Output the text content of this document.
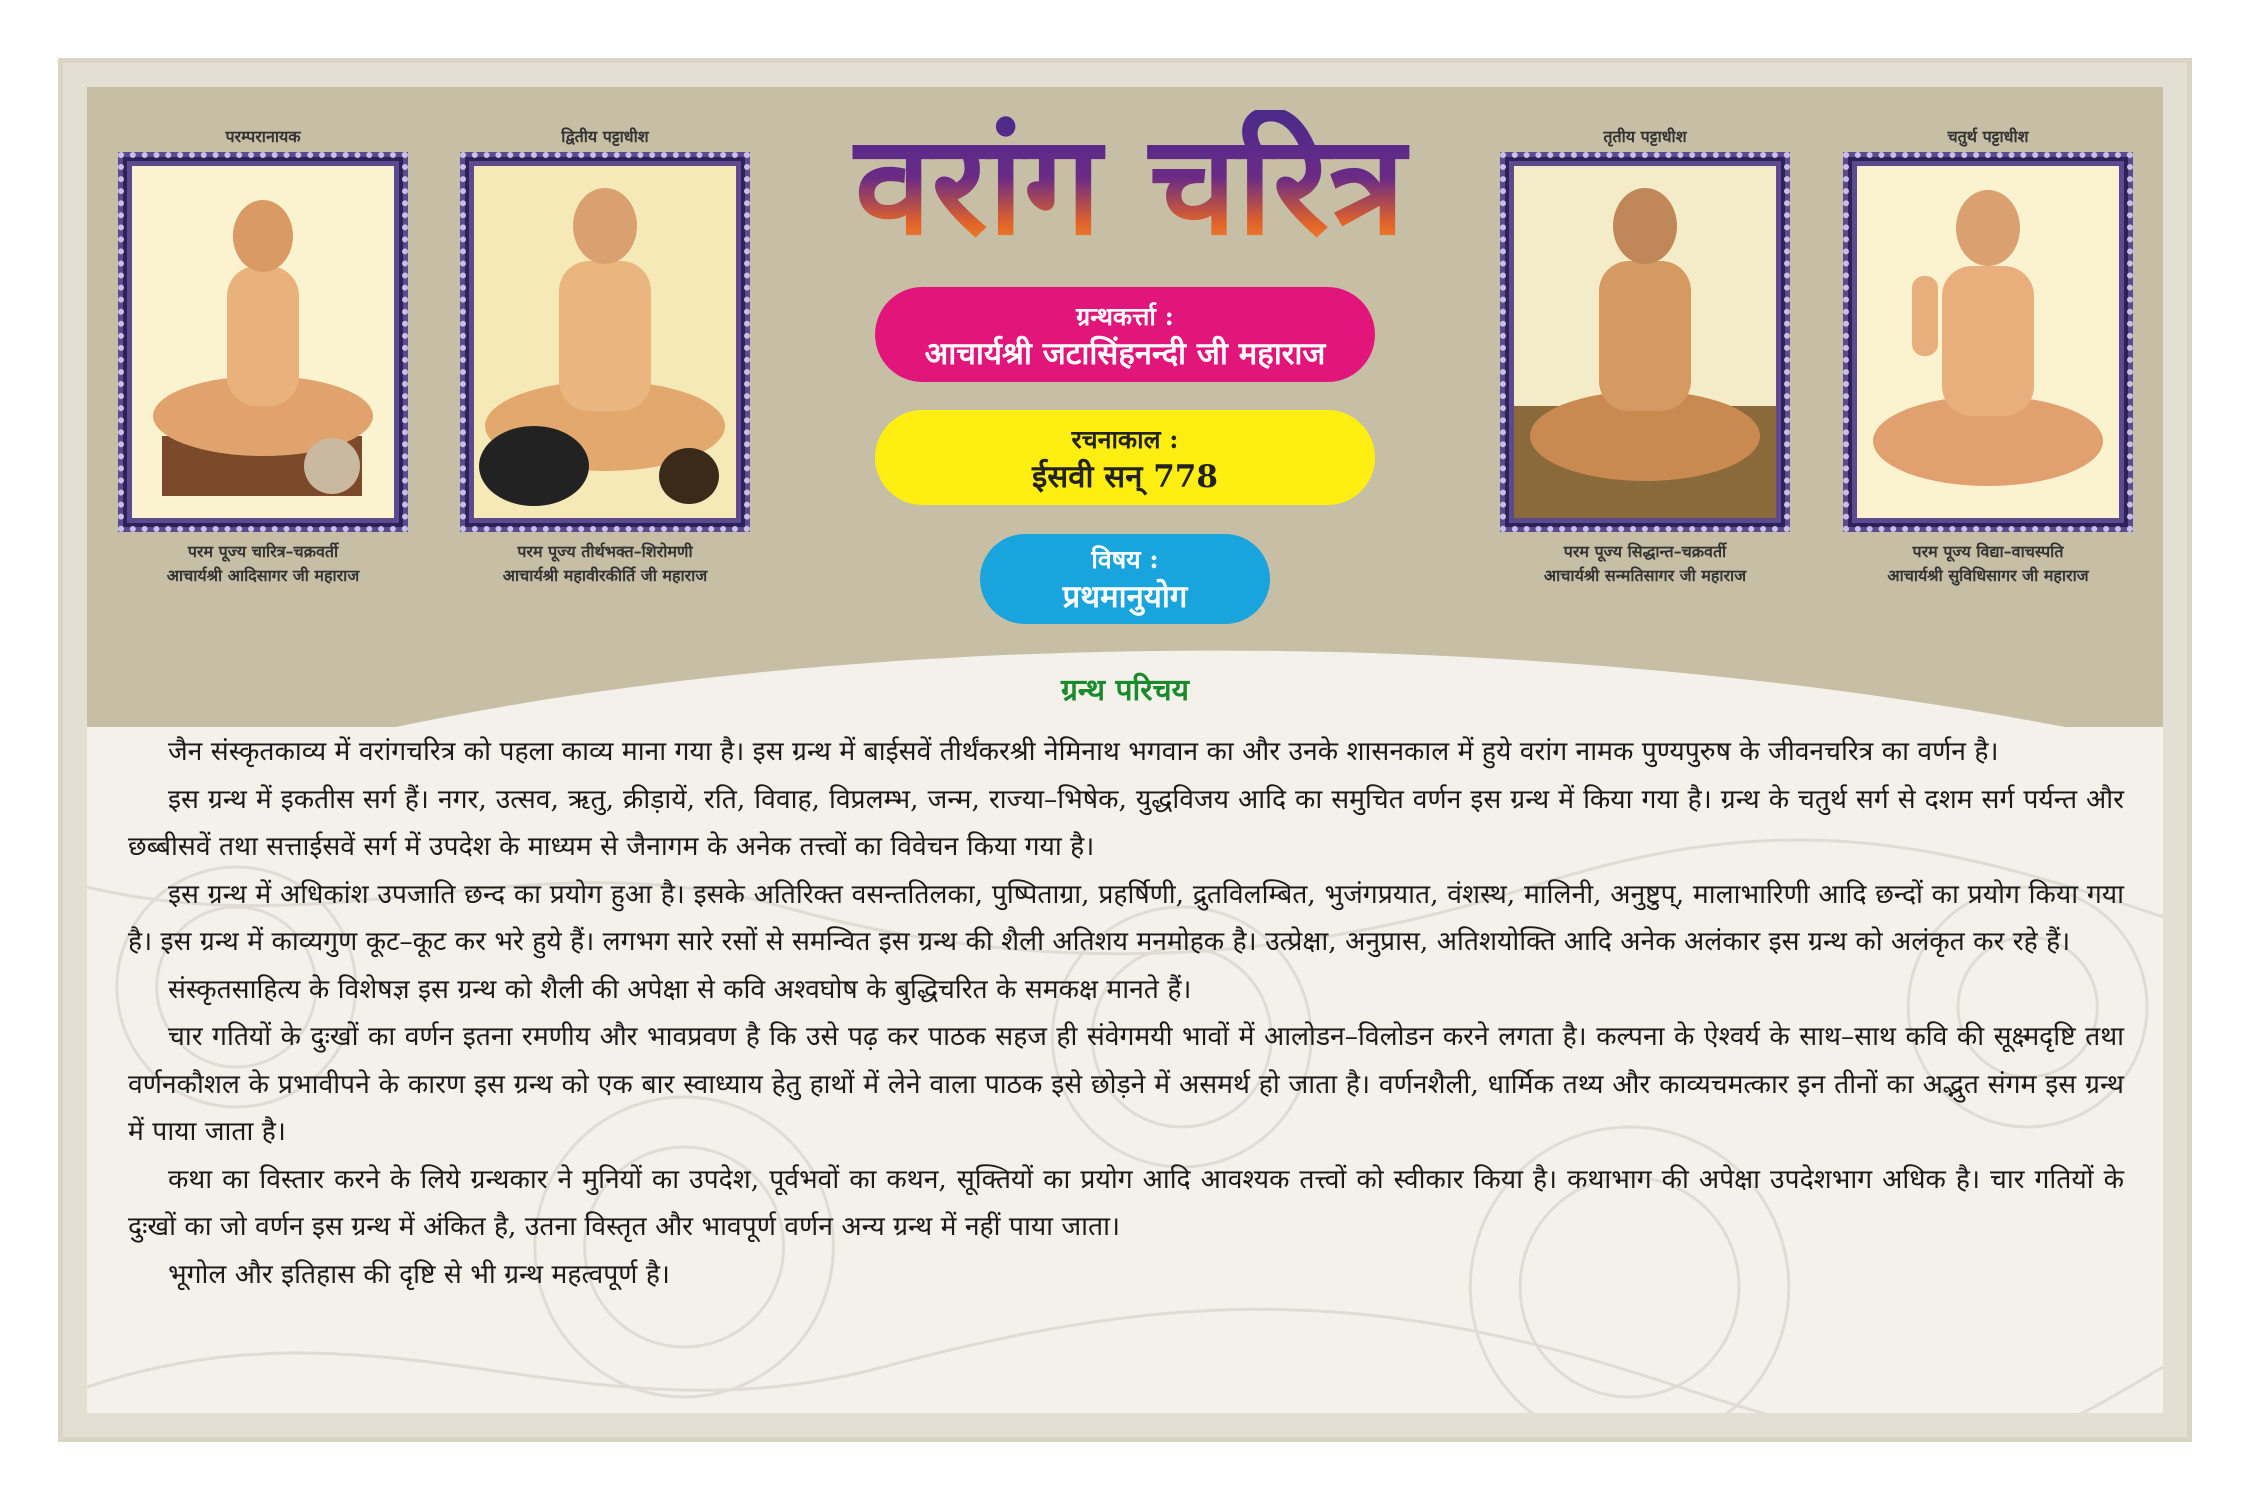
परम्परानायक
परम पूज्य चारित्र–चक्रवर्ती
आचार्यश्री आदिसागर जी महाराज
द्वितीय पट्टाधीश
परम पूज्य तीर्थभक्त–शिरोमणी
आचार्यश्री महावीरकीर्ति जी महाराज
तृतीय पट्टाधीश
परम पूज्य सिद्धान्त–चक्रवर्ती
आचार्यश्री सन्मतिसागर जी महाराज
चतुर्थ पट्टाधीश
परम पूज्य विद्या–वाचस्पति
आचार्यश्री सुविधिसागर जी महाराज
वरांग चरित्र
ग्रन्थकर्त्ता :
आचार्यश्री जटासिंहनन्दी जी महाराज
रचनाकाल :
ईसवी सन् 778
विषय :
प्रथमानुयोग
ग्रन्थ परिचय

जैन संस्कृतकाव्य में वरांगचरित्र को पहला काव्य माना गया है। इस ग्रन्थ में बाईसवें तीर्थंकरश्री नेमिनाथ भगवान का और उनके शासनकाल में हुये वरांग नामक पुण्यपुरुष के जीवनचरित्र का वर्णन है।

इस ग्रन्थ में इकतीस सर्ग हैं। नगर, उत्सव, ऋतु, क्रीड़ायें, रति, विवाह, विप्रलम्भ, जन्म, राज्या–भिषेक, युद्धविजय आदि का समुचित वर्णन इस ग्रन्थ में किया गया है। ग्रन्थ के चतुर्थ सर्ग से दशम सर्ग पर्यन्त और छब्बीसवें तथा सत्ताईसवें सर्ग में उपदेश के माध्यम से जैनागम के अनेक तत्त्वों का विवेचन किया गया है।

इस ग्रन्थ में अधिकांश उपजाति छन्द का प्रयोग हुआ है। इसके अतिरिक्त वसन्ततिलका, पुष्पिताग्रा, प्रहर्षिणी, द्रुतविलम्बित, भुजंगप्रयात, वंशस्थ, मालिनी, अनुष्टुप्, मालाभारिणी आदि छन्दों का प्रयोग किया गया है। इस ग्रन्थ में काव्यगुण कूट–कूट कर भरे हुये हैं। लगभग सारे रसों से समन्वित इस ग्रन्थ की शैली अतिशय मनमोहक है। उत्प्रेक्षा, अनुप्रास, अतिशयोक्ति आदि अनेक अलंकार इस ग्रन्थ को अलंकृत कर रहे हैं।

संस्कृतसाहित्य के विशेषज्ञ इस ग्रन्थ को शैली की अपेक्षा से कवि अश्वघोष के बुद्धिचरित के समकक्ष मानते हैं।

चार गतियों के दुःखों का वर्णन इतना रमणीय और भावप्रवण है कि उसे पढ़ कर पाठक सहज ही संवेगमयी भावों में आलोडन–विलोडन करने लगता है। कल्पना के ऐश्वर्य के साथ–साथ कवि की सूक्ष्मदृष्टि तथा वर्णनकौशल के प्रभावीपने के कारण इस ग्रन्थ को एक बार स्वाध्याय हेतु हाथों में लेने वाला पाठक इसे छोड़ने में असमर्थ हो जाता है। वर्णनशैली, धार्मिक तथ्य और काव्यचमत्कार इन तीनों का अद्भुत संगम इस ग्रन्थ में पाया जाता है।

कथा का विस्तार करने के लिये ग्रन्थकार ने मुनियों का उपदेश, पूर्वभवों का कथन, सूक्तियों का प्रयोग आदि आवश्यक तत्त्वों को स्वीकार किया है। कथाभाग की अपेक्षा उपदेशभाग अधिक है। चार गतियों के दुःखों का जो वर्णन इस ग्रन्थ में अंकित है, उतना विस्तृत और भावपूर्ण वर्णन अन्य ग्रन्थ में नहीं पाया जाता।

भूगोल और इतिहास की दृष्टि से भी ग्रन्थ महत्वपूर्ण है।
